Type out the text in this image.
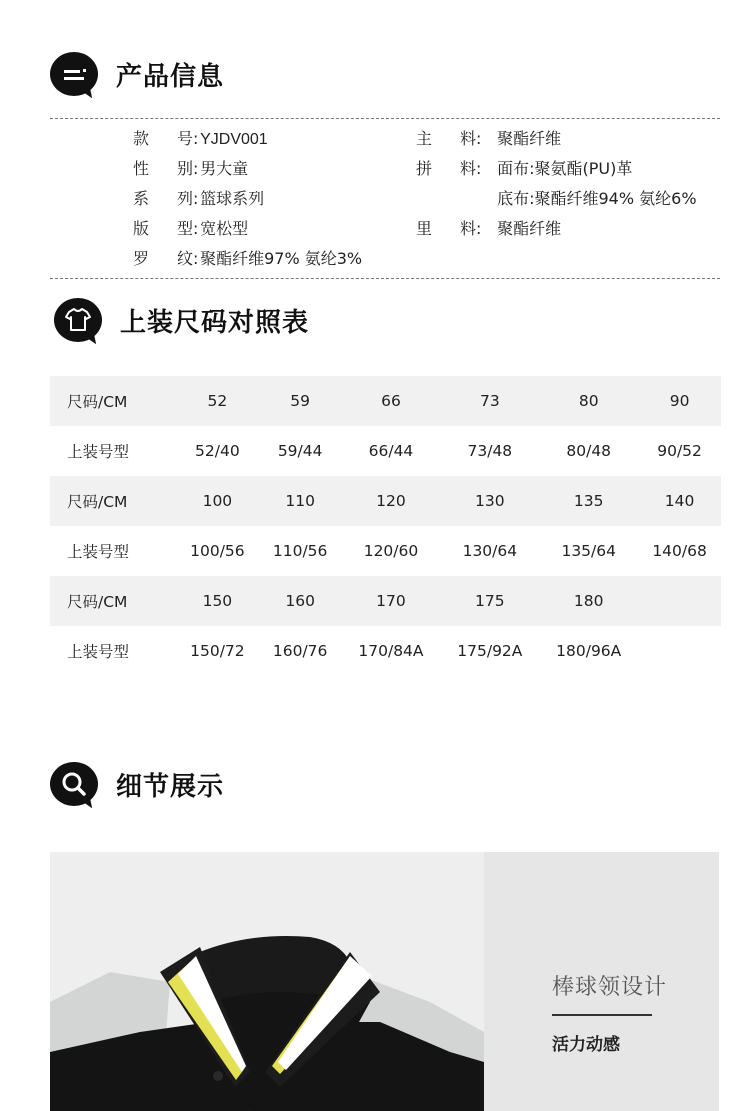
产品信息
款 号: YJDV001
性 别: 男大童
系 列: 篮球系列
版 型: 宽松型
罗 纹: 聚酯纤维97% 氨纶3%
主 料: 聚酯纤维
拼 料: 面布:聚氨酯(PU)革
底布:聚酯纤维94% 氨纶6%
里 料: 聚酯纤维
上装尺码对照表
尺码/CM	52	59	66	73	80	90
上装号型	52/40	59/44	66/44	73/48	80/48	90/52
尺码/CM	100	110	120	130	135	140
上装号型	100/56	110/56	120/60	130/64	135/64	140/68
尺码/CM	150	160	170	175	180	
上装号型	150/72	160/76	170/84A	175/92A	180/96A	
细节展示
棒球领设计
活力动感
